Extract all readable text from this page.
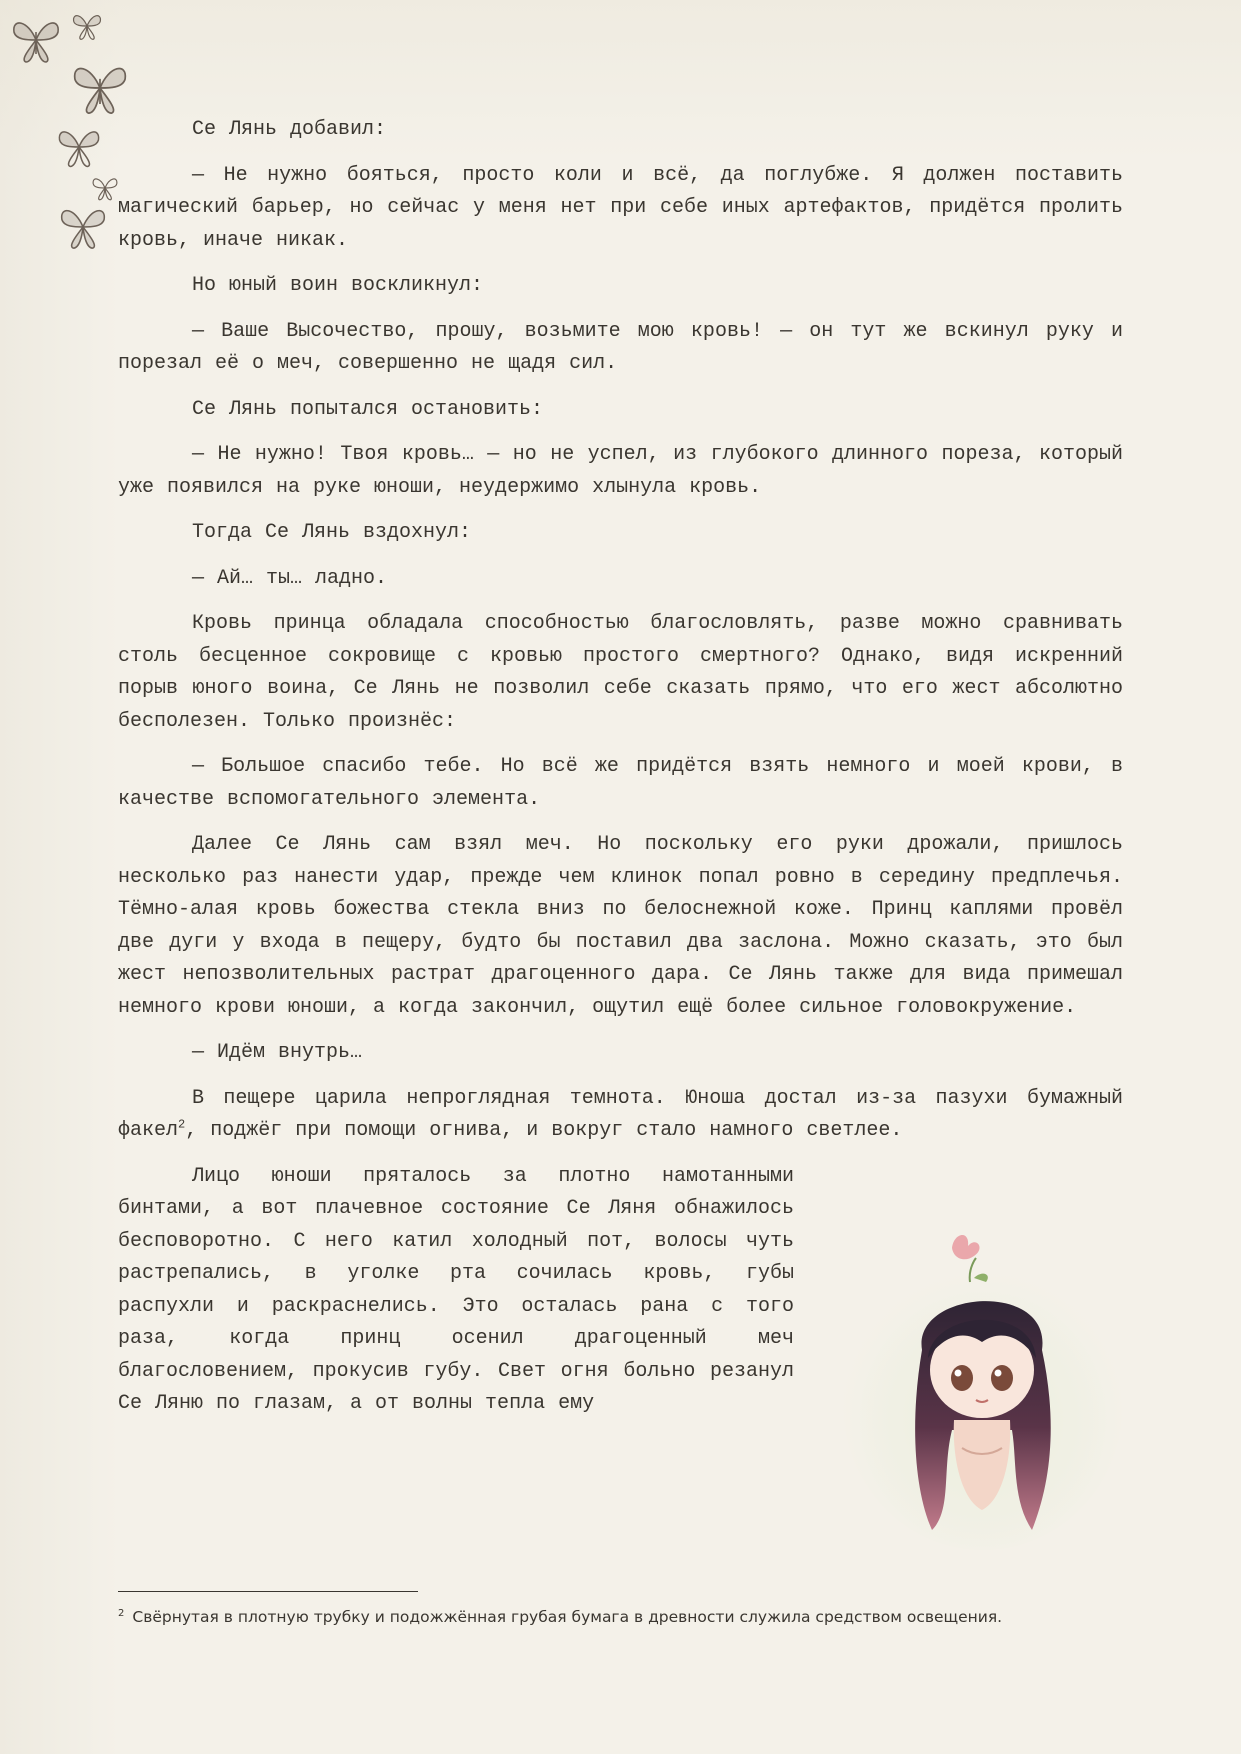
Се Лянь добавил:

— Не нужно бояться, просто коли и всё, да поглубже. Я должен поставить магический барьер, но сейчас у меня нет при себе иных артефактов, придётся пролить кровь, иначе никак.

Но юный воин воскликнул:

— Ваше Высочество, прошу, возьмите мою кровь! — он тут же вскинул руку и порезал её о меч, совершенно не щадя сил.

Се Лянь попытался остановить:

— Не нужно! Твоя кровь… — но не успел, из глубокого длинного пореза, который уже появился на руке юноши, неудержимо хлынула кровь.

Тогда Се Лянь вздохнул:

— Ай… ты… ладно.

Кровь принца обладала способностью благословлять, разве можно сравнивать столь бесценное сокровище с кровью простого смертного? Однако, видя искренний порыв юного воина, Се Лянь не позволил себе сказать прямо, что его жест абсолютно бесполезен. Только произнёс:

— Большое спасибо тебе. Но всё же придётся взять немного и моей крови, в качестве вспомогательного элемента.

Далее Се Лянь сам взял меч. Но поскольку его руки дрожали, пришлось несколько раз нанести удар, прежде чем клинок попал ровно в середину предплечья. Тёмно-алая кровь божества стекла вниз по белоснежной коже. Принц каплями провёл две дуги у входа в пещеру, будто бы поставил два заслона. Можно сказать, это был жест непозволительных растрат драгоценного дара. Се Лянь также для вида примешал немного крови юноши, а когда закончил, ощутил ещё более сильное головокружение.

— Идём внутрь…

В пещере царила непроглядная темнота. Юноша достал из-за пазухи бумажный факел$^2$, поджёг при помощи огнива, и вокруг стало намного светлее.

Лицо юноши пряталось за плотно намотанными бинтами, а вот плачевное состояние Се Ляня обнажилось бесповоротно. С него катил холодный пот, волосы чуть растрепались, в уголке рта сочилась кровь, губы распухли и раскраснелись. Это осталась рана с того раза, когда принц осенил драгоценный меч благословением, прокусив губу. Свет огня больно резанул Се Ляню по глазам, а от волны тепла ему

$^2$ Свёрнутая в плотную трубку и подожжённая грубая бумага в древности служила средством освещения.
